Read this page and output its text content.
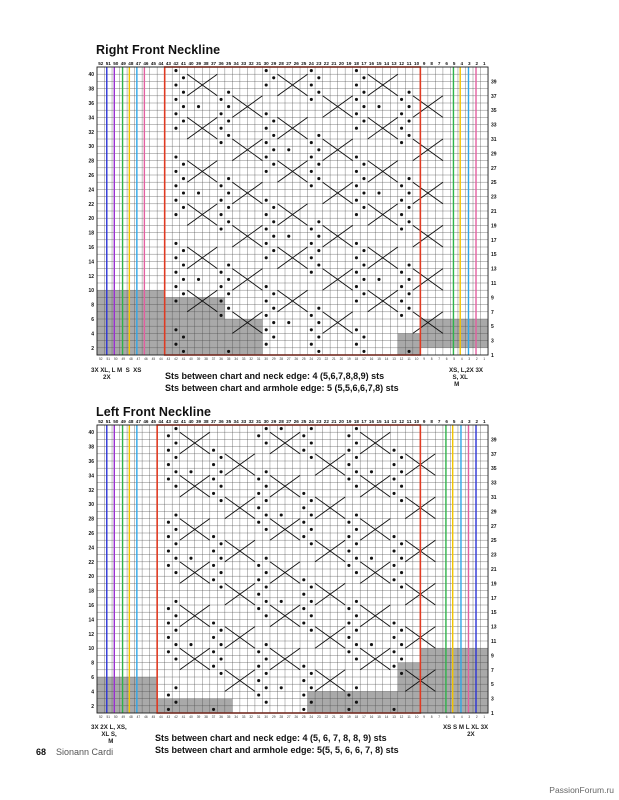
Right Front Neckline
52 51 50 49 48 47 46 45 44 43 42 41 40 39 38 37 36 35 34 33 32 31 30 29 28 27 26 25 24 23 22 21 20 19 18 17 16 15 14 13 12 11 10 9 8 7 6 5 4 3 2 1
52 51 50 49 48 47 46 45 44 43 42 41 40 39 38 37 36 35 34 33 32 31 30 29 28 27 26 25 24 23 22 21 20 19 18 17 16 15 14 13 12 11 10 9 8 7 6 5 4 3 2 1
40
38
36
34
32
30
28
26
24
22
20
18
16
14
12
10
8
6
4
2
39
37
35
33
31
29
27
25
23
21
19
17
15
13
11
9
7
5
3
1
3X XL, L M  S  XS
2X
XS, L,2X 3X
S, XL
M
Sts between chart and neck edge: 4 (5,6,7,8,8,9) sts
Sts between chart and armhole edge: 5 (5,5,6,6,7,8) sts
Left Front Neckline
52 51 50 49 48 47 46 45 44 43 42 41 40 39 38 37 36 35 34 33 32 31 30 29 28 27 26 25 24 23 22 21 20 19 18 17 16 15 14 13 12 11 10 9 8 7 6 5 4 3 2 1
52 51 50 49 48 47 46 45 44 43 42 41 40 39 38 37 36 35 34 33 32 31 30 29 28 27 26 25 24 23 22 21 20 19 18 17 16 15 14 13 12 11 10 9 8 7 6 5 4 3 2 1
40
38
36
34
32
30
28
26
24
22
20
18
16
14
12
10
8
6
4
2
39
37
35
33
31
29
27
25
23
21
19
17
15
13
11
9
7
5
3
1
3X 2X L, XS,
XL S,
M
XS S M L XL 3X
2X
Sts between chart and neck edge: 4 (5, 6, 7, 8, 8, 9) sts
Sts between chart and armhole edge: 5(5, 5, 6, 6, 7, 8) sts
68 Sionann Cardi
PassionForum.ru
